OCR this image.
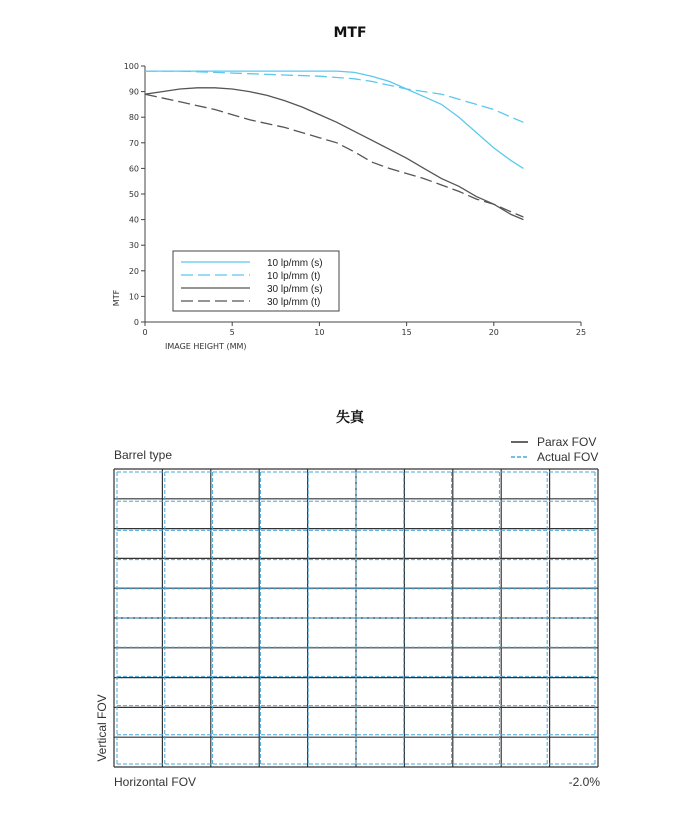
MTF
失真
0
10
20
30
40
50
60
70
80
90
100
0	5	10	15	20	25
IMAGE HEIGHT (MM)
MTF
10 lp/mm (s)
10 lp/mm (t)
30 lp/mm (s)
30 lp/mm (t)
Barrel type
Horizontal FOV
Vertical FOV
-2.0%
Parax FOV
Actual FOV
